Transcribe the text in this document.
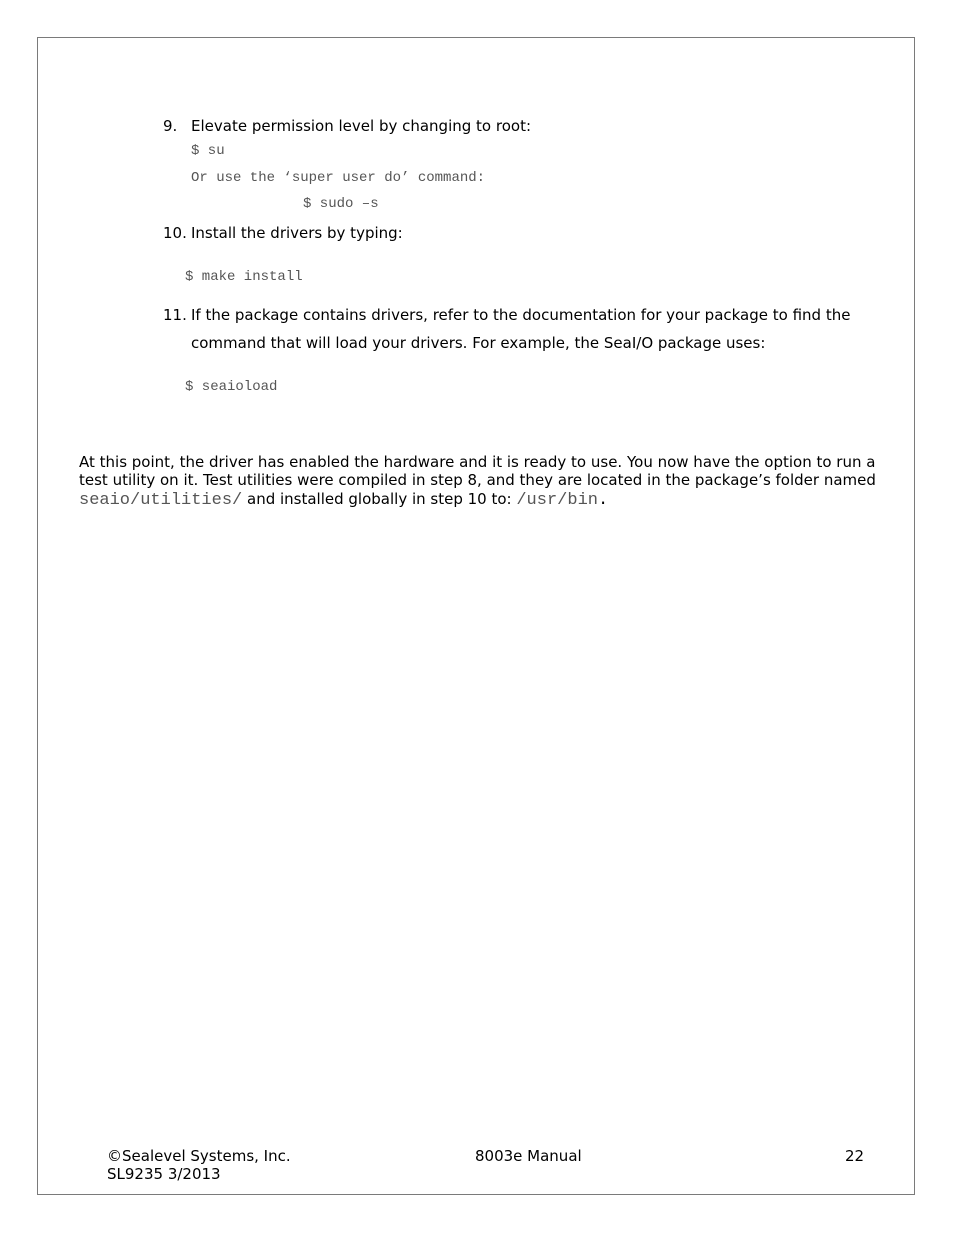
9. Elevate permission level by changing to root:
$ su
Or use the ‘super user do’ command:
$ sudo –s
10. Install the drivers by typing:
$ make install
11. If the package contains drivers, refer to the documentation for your package to find the
command that will load your drivers. For example, the SeaI/O package uses:
$ seaioload
At this point, the driver has enabled the hardware and it is ready to use. You now have the option to run a
test utility on it. Test utilities were compiled in step 8, and they are located in the package’s folder named
seaio/utilities/ and installed globally in step 10 to: /usr/bin.
©Sealevel Systems, Inc.
SL9235 3/2013
8003e Manual	22
